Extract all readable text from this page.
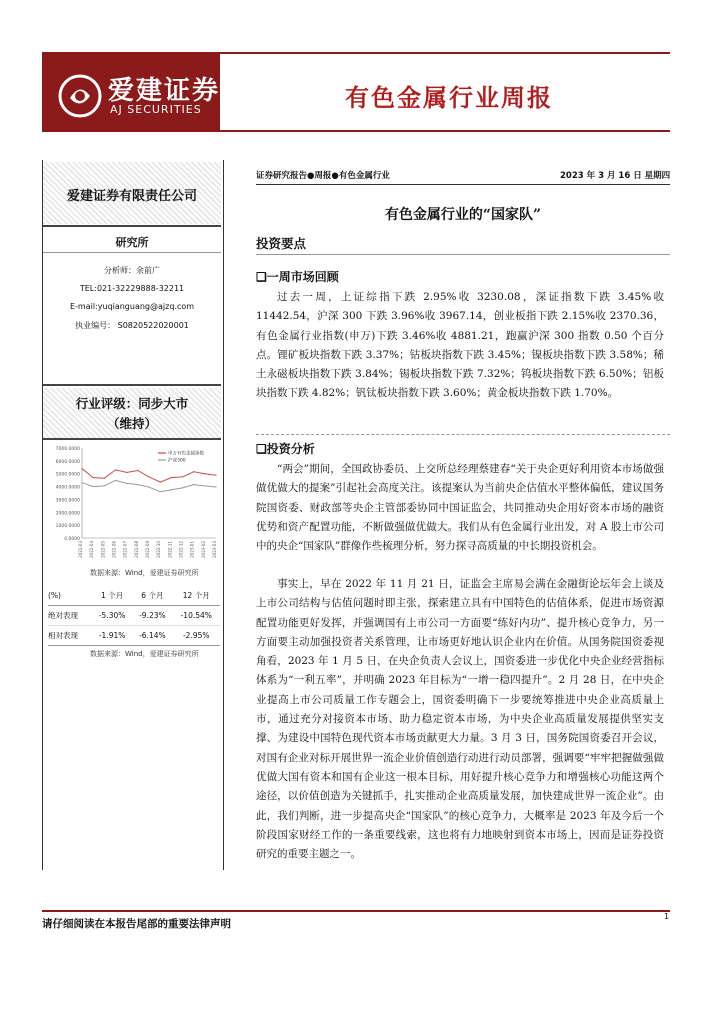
爱建证券
AJ SECURITIES	有色金属行业周报
爱建证券有限责任公司
研究所
分析师：余前广
TEL:021-32229888-32211
E-mail:yuqianguang@ajzq.com
执业编号： S0820522020001
行业评级：同步大市
（维持）
7000.0000
6000.0000
5000.0000
4000.0000
3000.0000
2000.0000
1000.0000
0.0000
2022-03 2022-04 2022-05 2022-06 2022-07 2022-08 2022-09 2022-10 2022-11 2022-12 2023-01 2023-02 2023-03
申万有色金属指数
沪深300
数据来源：Wind，爱建证券研究所
(%)	1 个月	6 个月	12 个月
绝对表现	-5.30%	-9.23%	-10.54%
相对表现	-1.91%	-6.14%	-2.95%
数据来源：Wind，爱建证券研究所
证券研究报告●周报●有色金属行业	2023 年 3 月 16 日 星期四
有色金属行业的“国家队”
投资要点
❑一周市场回顾
过去一周，上证综指下跌 2.95%收 3230.08，深证指数下跌 3.45%收 11442.54，沪深 300 下跌 3.96%收 3967.14，创业板指下跌 2.15%收 2370.36，有色金属行业指数(申万)下跌 3.46%收 4881.21，跑赢沪深 300 指数 0.50 个百分点。锂矿板块指数下跌 3.37%；钴板块指数下跌 3.45%；镍板块指数下跌 3.58%；稀土永磁板块指数下跌 3.84%；锡板块指数下跌 7.32%；钨板块指数下跌 6.50%；铝板块指数下跌 4.82%；钒钛板块指数下跌 3.60%；黄金板块指数下跌 1.70%。
❑投资分析
“两会”期间，全国政协委员、上交所总经理蔡建春“关于央企更好利用资本市场做强做优做大的提案”引起社会高度关注。该提案认为当前央企估值水平整体偏低，建议国务院国资委、财政部等央企主管部委协同中国证监会，共同推动央企用好资本市场的融资优势和资产配置功能，不断做强做优做大。我们从有色金属行业出发，对 A 股上市公司中的央企“国家队”群像作些梳理分析，努力探寻高质量的中长期投资机会。
事实上，早在 2022 年 11 月 21 日，证监会主席易会满在金融街论坛年会上谈及上市公司结构与估值问题时即主张，探索建立具有中国特色的估值体系，促进市场资源配置功能更好发挥，并强调国有上市公司一方面要“练好内功”、提升核心竞争力，另一方面要主动加强投资者关系管理，让市场更好地认识企业内在价值。从国务院国资委视角看，2023 年 1 月 5 日，在央企负责人会议上，国资委进一步优化中央企业经营指标体系为“一利五率”，并明确 2023 年目标为“一增一稳四提升”。2 月 28 日，在中央企业提高上市公司质量工作专题会上，国资委明确下一步要统筹推进中央企业高质量上市，通过充分对接资本市场、助力稳定资本市场，为中央企业高质量发展提供坚实支撑、为建设中国特色现代资本市场贡献更大力量。3 月 3 日，国务院国资委召开会议，对国有企业对标开展世界一流企业价值创造行动进行动员部署，强调要“牢牢把握做强做优做大国有资本和国有企业这一根本目标，用好提升核心竞争力和增强核心功能这两个途径，以价值创造为关键抓手，扎实推动企业高质量发展，加快建成世界一流企业”。由此，我们判断，进一步提高央企“国家队”的核心竞争力，大概率是 2023 年及今后一个阶段国家财经工作的一条重要线索，这也将有力地映射到资本市场上，因而是证券投资研究的重要主题之一。
请仔细阅读在本报告尾部的重要法律声明
1
